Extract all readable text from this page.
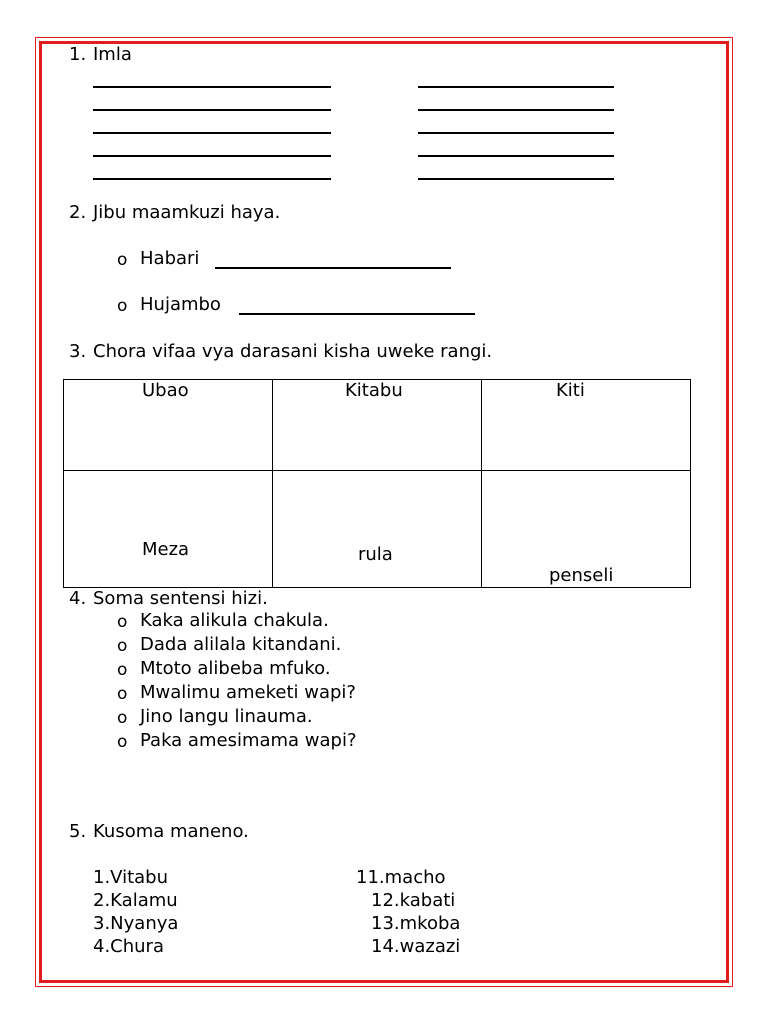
1. Imla
2. Jibu maamkuzi haya.
o Habari
o Hujambo
3. Chora vifaa vya darasani kisha uweke rangi.
Ubao	Kitabu	Kiti

Meza	rula	penseli
4. Soma sentensi hizi.
o Kaka alikula chakula.
o Dada alilala kitandani.
o Mtoto alibeba mfuko.
o Mwalimu ameketi wapi?
o Jino langu linauma.
o Paka amesimama wapi?
5. Kusoma maneno.
1.Vitabu
2.Kalamu
3.Nyanya
4.Chura
11.macho
12.kabati
13.mkoba
14.wazazi
